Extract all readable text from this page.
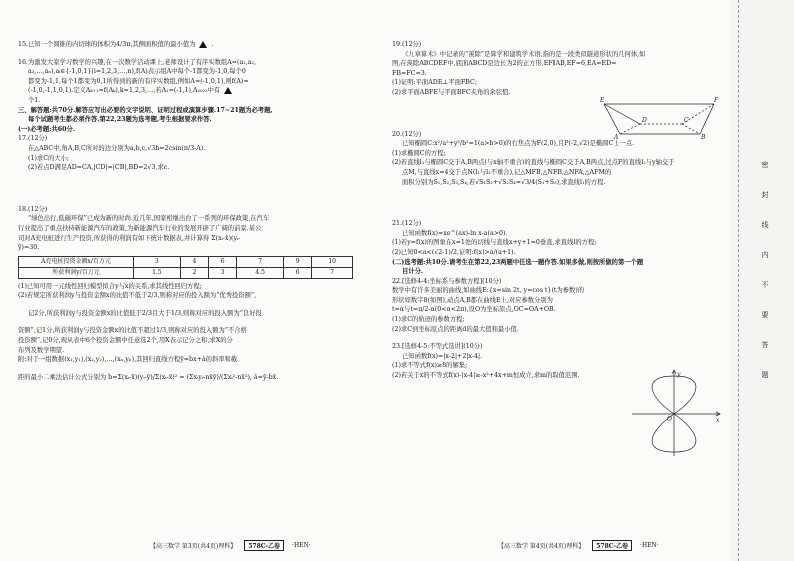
15.已知一个圆锥的内切球的体积为4/3π,其侧面积值的最小值为	.

16.为激发大家学习数学的兴趣,在一次数学活动课上,老师设计了有序实数组A=(a₁,a₂,

a₃,…,aₙ),aᵢ∈{-1,0,1}(i=1,2,3,…,n),f(A)表示组A中每个-1都变为-1,0,每个0

都变为-1,1,每个1都变为0,1所得到的新的有序实数组,例如A=(-1,0,1),则f(A)=

(-1,0,-1,1,0,1).定义Aₖ₊₁=f(Aₖ),k=1,2,3,…,若A₁=(-1,1),A₂₀₂₃中有

个1.

三、解答题:共70分.解答应写出必要的文字说明、证明过程或演算步骤.17~21题为必考题,

每个试题考生都必须作答.第22,23题为选考题,考生根据要求作答.

(一)必考题:共60分.

17.(12分)

在△ABC中,角A,B,C所对的边分别为a,b,c,√3b=2csin(π/3-A).

(1)求C的大小;

(2)若点D满足AD=CA,|CD|=|CB|,BD=2√3,求c.

18.(12分)

“绿色出行,低碳环保”已成为新的时尚.近几年,国家相继出台了一系列的环保政策,在汽车

行业提出了重点扶持新能源汽车的政策,为新能源汽车行业的发展开辟了广阔的前景.某公

司对A充电桩进行生产投资,所获得的利润有如下统计数据表,并计算得 Σ(xᵢ-x̄)(yᵢ-

ȳ)=30.

A充电桩投资金额x/百万元	3	4	6	7	9	10
所获利润y/百万元	1.5	2	3	4.5	6	7

(1)已知可用一元线性回归模型拟合y与x的关系,求其线性回归方程;

(2)若规定所获利润y与投资金额x的比值不低于2/3,则称对应的投入额为“优秀投资额”,

记2分,所获利润y与投资金额x的比值低于2/3且大于1/3,则称对应的投入额为“良好投

资额”,记1分,所获利润y与投资金额x的比值不超过1/3,则称对应的投入额为“不合格

投资额”,记0分,现从表中6个投资金额中任意选2个,用X表示记分之和,求X的分

布列及数学期望.

附:对于一组数据(x₁,y₁),(x₂,y₂),…,(xₙ,yₙ),其回归直线方程ŷ=b̂x+â的斜率和截

距的最小二乘法估计公式分别为 b̂=Σ(xᵢ-x̄)(yᵢ-ȳ)/Σ(xᵢ-x̄)² = (Σxᵢyᵢ-nx̄ȳ)/(Σxᵢ²-nx̄²), â=ȳ-b̂x̄.

【高三数学 第3页(共4页)理科】	578C-乙卷	·HEN·

19.(12分)

《九章算术》中记录的“羡除”是算学和建筑学术语,指的是一段类似隧道形状的几何体,如

图,在羡除ABCDEF中,底面ABCD是边长为2的正方形,EF∥AB,EF=6,EA=ED=

FB=FC=3.

(1)证明:平面ADE⊥平面FBC;

(2)求平面ABFE与平面BFC夹角的余弦值.

20.(12分)

已知椭圆C:x²/a²+y²/b²=1(a>b>0)的右焦点为F(2,0),且P(-2,√2)是椭圆C上一点.

(1)求椭圆C的方程;

(2)若直线l₁与椭圆C交于A,B两点(与x轴不重合)的直线与椭圆C交于A,B两点,过点F的直线l₂与y轴交于

点M,与直线x=4交于点N(l₁与l₂不重合),记△MFB,△NFB,△NFA,△AFM的

面积分别为S₁,S₂,S₃,S₄,若√S₁S₃+√S₂S₄=√3/4(S₁+S₃),求直线l₁的方程.

21.(12分)

已知函数f(x)=xe^(ax)-ln x-a(a>0).

(1)若y=f(x)的图象在x=1处的切线与直线x+y+1=0垂直,求直线l的方程;

(2)已知0<a<(√2-1)/2,证明:f(x)>a/(a+1).

(二)选考题:共10分.请考生在第22,23两题中任选一题作答.如果多做,则按所做的第一个题

目计分.

22.[选修4-4:坐标系与参数方程](10分)

数学中有许多美丽的曲线,如曲线E:{x=sin 2t, y=cos t}(t为参数)的

形状如数字8(如图),动点A,B都在曲线E上,对应参数分别为

t=α与t=π/2-α(0<α<2π),设O为坐标原点,OC=OA+OB.

(1)求C的轨迹的参数方程;

(2)求C到坐标原点的距离d的最大值和最小值.

23.[选修4-5:不等式选讲](10分)

已知函数f(x)=|x-2|+2|x-4|.

(1)求不等式f(x)≥8的解集;

(2)若关于x的不等式f(x)-|x-4|≥-x²+4x+m恒成立,求m的取值范围.

【高三数学 第4页(共4页)理科】	578C-乙卷	·HEN·
E	F
D	C
A	B
y
x
O
密
封
线
内
不
要
答
题
